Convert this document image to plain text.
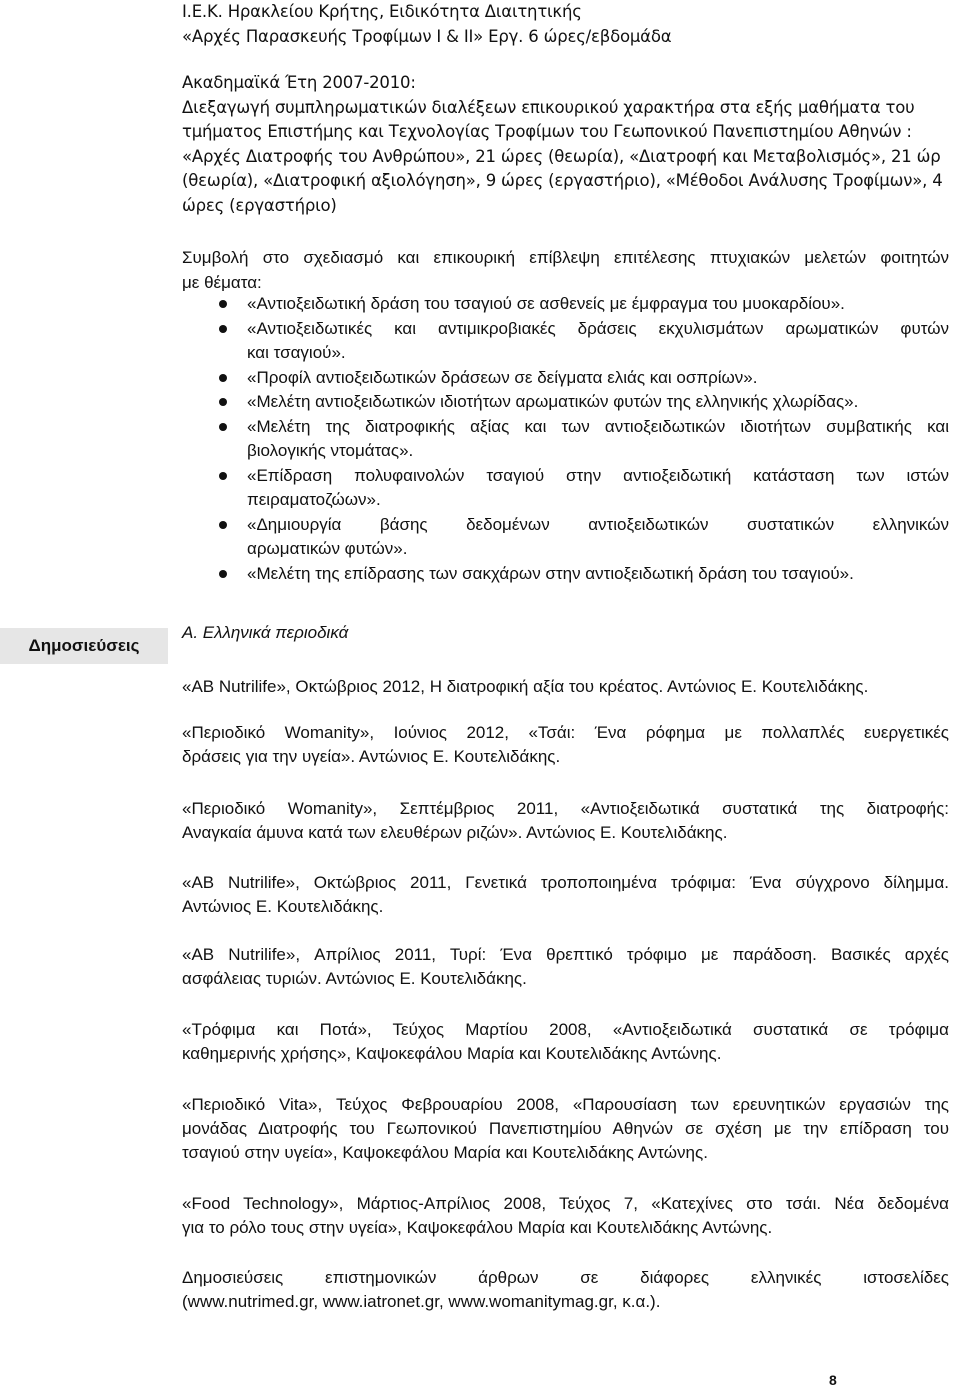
Ι.Ε.Κ. Ηρακλείου Κρήτης, Ειδικότητα Διαιτητικής
«Αρχές Παρασκευής Τροφίμων Ι & ΙΙ» Εργ. 6 ώρες/εβδομάδα
Ακαδημαϊκά Έτη 2007-2010:
Διεξαγωγή συμπληρωματικών διαλέξεων επικουρικού χαρακτήρα στα εξής μαθήματα του
τμήματος Επιστήμης και Τεχνολογίας Τροφίμων του Γεωπονικού Πανεπιστημίου Αθηνών :
«Αρχές Διατροφής του Ανθρώπου», 21 ώρες (θεωρία), «Διατροφή και Μεταβολισμός», 21 ώρ
(θεωρία), «Διατροφική αξιολόγηση», 9 ώρες (εργαστήριο), «Μέθοδοι Ανάλυσης Τροφίμων», 4
ώρες (εργαστήριο)
Συμβολή στο σχεδιασμό και επικουρική επίβλεψη επιτέλεσης πτυχιακών μελετών φοιτητών
με θέματα:
«Αντιοξειδωτική δράση του τσαγιού σε ασθενείς με έμφραγμα του μυοκαρδίου».
«Αντιοξειδωτικές και αντιμικροβιακές δράσεις εκχυλισμάτων αρωματικών φυτών
και τσαγιού».
«Προφίλ αντιοξειδωτικών δράσεων σε δείγματα ελιάς και οσπρίων».
«Μελέτη αντιοξειδωτικών ιδιοτήτων αρωματικών φυτών της ελληνικής χλωρίδας».
«Μελέτη της διατροφικής αξίας και των αντιοξειδωτικών ιδιοτήτων συμβατικής και
βιολογικής ντομάτας».
«Επίδραση πολυφαινολών τσαγιού στην αντιοξειδωτική κατάσταση των ιστών
πειραματοζώων».
«Δημιουργία βάσης δεδομένων αντιοξειδωτικών συστατικών ελληνικών
αρωματικών φυτών».
«Μελέτη της επίδρασης των σακχάρων στην αντιοξειδωτική δράση του τσαγιού».
Δημοσιεύσεις
Α. Ελληνικά περιοδικά
«AB Nutrilife», Οκτώβριος 2012, Η διατροφική αξία του κρέατος. Αντώνιος Ε. Κουτελιδάκης.
«Περιοδικό Womanity», Ιούνιος 2012, «Τσάι: Ένα ρόφημα με πολλαπλές ευεργετικές
δράσεις για την υγεία». Αντώνιος Ε. Κουτελιδάκης.
«Περιοδικό Womanity», Σεπτέμβριος 2011, «Αντιοξειδωτικά συστατικά της διατροφής:
Αναγκαία άμυνα κατά των ελευθέρων ριζών». Αντώνιος Ε. Κουτελιδάκης.
«AB Nutrilife», Οκτώβριος 2011, Γενετικά τροποποιημένα τρόφιμα: Ένα σύγχρονο δίλημμα.
Αντώνιος Ε. Κουτελιδάκης.
«AB Nutrilife», Απρίλιος 2011, Τυρί: Ένα θρεπτικό τρόφιμο με παράδοση. Βασικές αρχές
ασφάλειας τυριών. Αντώνιος Ε. Κουτελιδάκης.
«Τρόφιμα και Ποτά», Τεύχος Μαρτίου 2008, «Αντιοξειδωτικά συστατικά σε τρόφιμα
καθημερινής χρήσης», Καψοκεφάλου Μαρία και Κουτελιδάκης Αντώνης.
«Περιοδικό Vita», Τεύχος Φεβρουαρίου 2008, «Παρουσίαση των ερευνητικών εργασιών της
μονάδας Διατροφής του Γεωπονικού Πανεπιστημίου Αθηνών σε σχέση με την επίδραση του
τσαγιού στην υγεία», Καψοκεφάλου Μαρία και Κουτελιδάκης Αντώνης.
«Food Technology», Μάρτιος-Απρίλιος 2008, Τεύχος 7, «Κατεχίνες στο τσάι. Νέα δεδομένα
για το ρόλο τους στην υγεία», Καψοκεφάλου Μαρία και Κουτελιδάκης Αντώνης.
Δημοσιεύσεις επιστημονικών άρθρων σε διάφορες ελληνικές ιστοσελίδες
(www.nutrimed.gr, www.iatronet.gr, www.womanitymag.gr, κ.α.).
8
